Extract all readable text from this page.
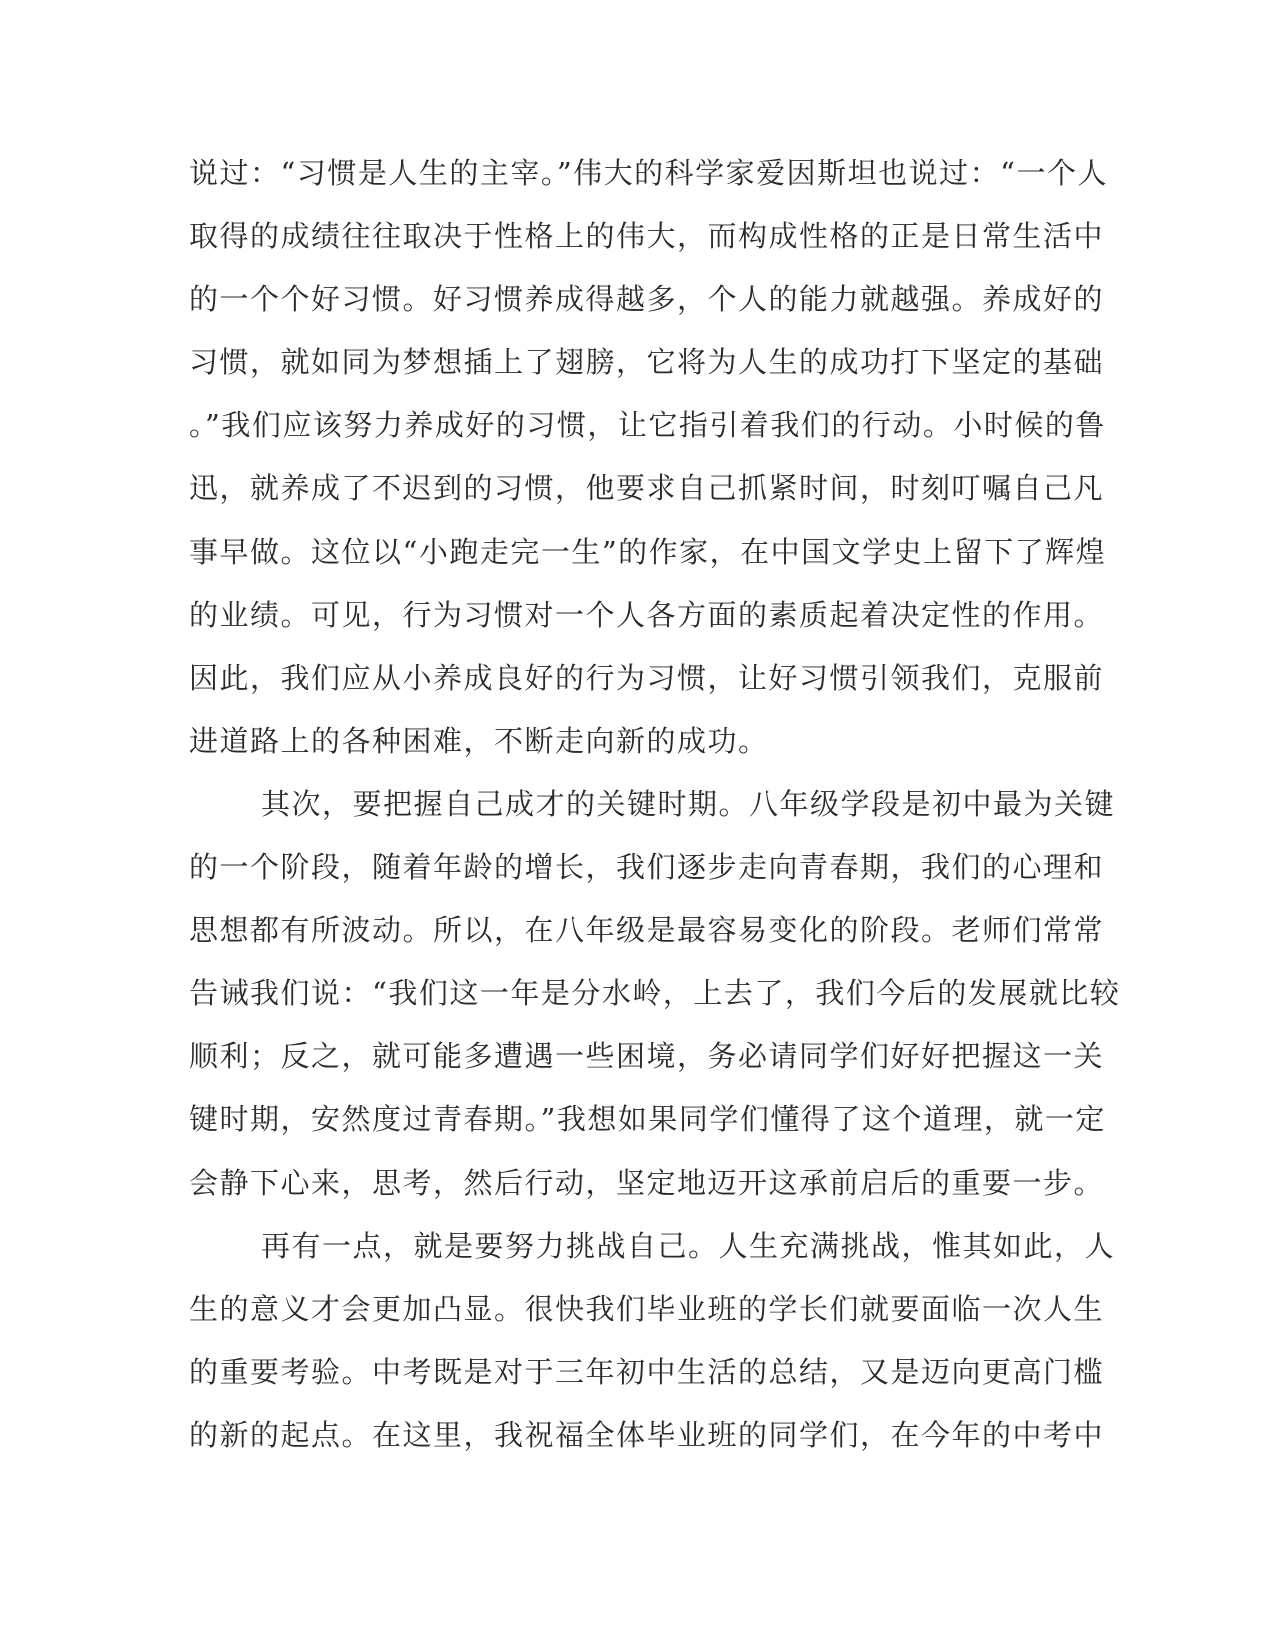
说过：“习惯是人生的主宰。”伟大的科学家爱因斯坦也说过：“一个人
取得的成绩往往取决于性格上的伟大，而构成性格的正是日常生活中
的一个个好习惯。好习惯养成得越多，个人的能力就越强。养成好的
习惯，就如同为梦想插上了翅膀，它将为人生的成功打下坚定的基础
。”我们应该努力养成好的习惯，让它指引着我们的行动。小时候的鲁
迅，就养成了不迟到的习惯，他要求自己抓紧时间，时刻叮嘱自己凡
事早做。这位以“小跑走完一生”的作家，在中国文学史上留下了辉煌
的业绩。可见，行为习惯对一个人各方面的素质起着决定性的作用。
因此，我们应从小养成良好的行为习惯，让好习惯引领我们，克服前
进道路上的各种困难，不断走向新的成功。
其次，要把握自己成才的关键时期。八年级学段是初中最为关键
的一个阶段，随着年龄的增长，我们逐步走向青春期，我们的心理和
思想都有所波动。所以，在八年级是最容易变化的阶段。老师们常常
告诫我们说：“我们这一年是分水岭，上去了，我们今后的发展就比较
顺利；反之，就可能多遭遇一些困境，务必请同学们好好把握这一关
键时期，安然度过青春期。”我想如果同学们懂得了这个道理，就一定
会静下心来，思考，然后行动，坚定地迈开这承前启后的重要一步。
再有一点，就是要努力挑战自己。人生充满挑战，惟其如此，人
生的意义才会更加凸显。很快我们毕业班的学长们就要面临一次人生
的重要考验。中考既是对于三年初中生活的总结，又是迈向更高门槛
的新的起点。在这里，我祝福全体毕业班的同学们，在今年的中考中
